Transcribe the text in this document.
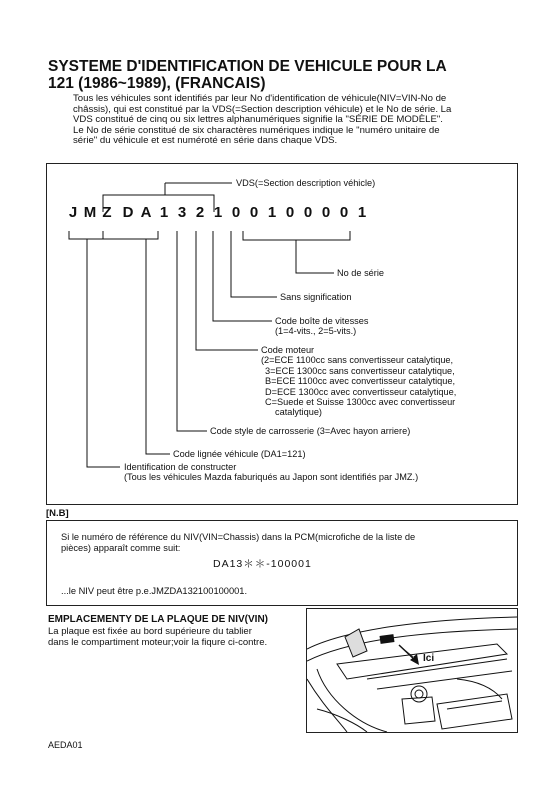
SYSTEME D'IDENTIFICATION DE VEHICULE POUR LA
121 (1986~1989), (FRANCAIS)
Tous les véhicules sont identifiés par leur No d'identification de véhicule(NIV=VIN-No de
châssis), qui est constitué par la VDS(=Section description véhicule) et le No de série. La
VDS constitué de cinq ou six lettres alphanumériques signifie la "SÉRIE DE MODÈLE".
Le No de série constitué de six charactères numériques indique le "numéro unitaire de
série" du véhicule et est numéroté en série dans chaque VDS.
J M Z D A 1 3 2 1 0 0 1 0 0 0 0 1
VDS(=Section description véhicle)
No de série
Sans signification
Code boîte de vitesses
(1=4-vits., 2=5-vits.)
Code moteur
(2=ECE 1100cc sans convertisseur catalytique,
3=ECE 1300cc sans convertisseur catalytique,
B=ECE 1100cc avec convertisseur catalytique,
D=ECE 1300cc avec convertisseur catalytique,
C=Suede et Suisse 1300cc avec convertisseur
catalytique)
Code style de carrosserie (3=Avec hayon arriere)
Code lignée véhicule (DA1=121)
Identification de constructer
(Tous les véhicules Mazda faburiqués au Japon sont identifiés par JMZ.)
[N.B]
Si le numéro de référence du NIV(VIN=Chassis) dans la PCM(microfiche de la liste de
pièces) apparaît comme suit:
DA13＊＊-100001
...le NIV peut être p.e.JMZDA132100100001.
EMPLACEMENTY DE LA PLAQUE DE NIV(VIN)
La plaque est fixée au bord supérieure du tablier
dans le compartiment moteur;voir la fiqure ci-contre.
Ici
AEDA01
